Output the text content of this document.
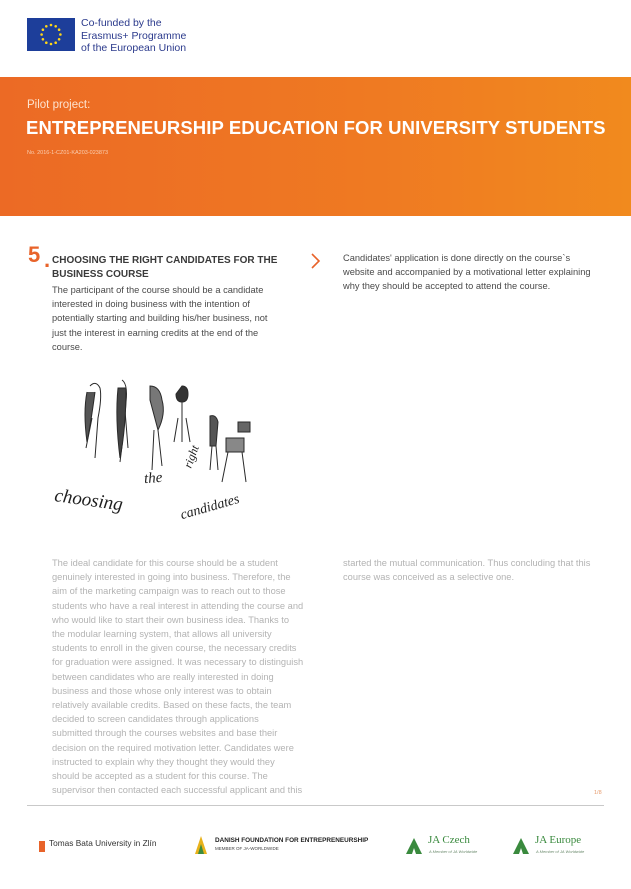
Co-funded by the
Erasmus+ Programme
of the European Union
Pilot project:
ENTREPRENEURSHIP EDUCATION FOR UNIVERSITY STUDENTS
No. 2016-1-CZ01-KA203-023873
5 . CHOOSING THE RIGHT CANDIDATES FOR THE
BUSINESS COURSE
The participant of the course should be a candidate
interested in doing business with the intention of
potentially starting and building his/her business, not
just the interest in earning credits at the end of the
course.
Candidates' application is done directly on the course`s
website and accompanied by a motivational letter explaining
why they should be accepted to attend the course.
choosing
the
right
candidates
The ideal candidate for this course should be a student
genuinely interested in going into business. Therefore, the
aim of the marketing campaign was to reach out to those
students who have a real interest in attending the course and
who would like to start their own business idea. Thanks to
the modular learning system, that allows all university
students to enroll in the given course, the necessary credits
for graduation were assigned. It was necessary to distinguish
between candidates who are really interested in doing
business and those whose only interest was to obtain
relatively available credits. Based on these facts, the team
decided to screen candidates through applications
submitted through the courses websites and base their
decision on the required motivation letter. Candidates were
instructed to explain why they thought they would they
should be accepted as a student for this course. The
supervisor then contacted each successful applicant and this
started the mutual communication. Thus concluding that this
course was conceived as a selective one.
1/8
Tomas Bata University in Zlín	DANISH FOUNDATION FOR ENTREPRENEURSHIP
MEMBER OF JA-WORLDWIDE
JA Czech
A Member of JA Worldwide
JA Europe
A Member of JA Worldwide
